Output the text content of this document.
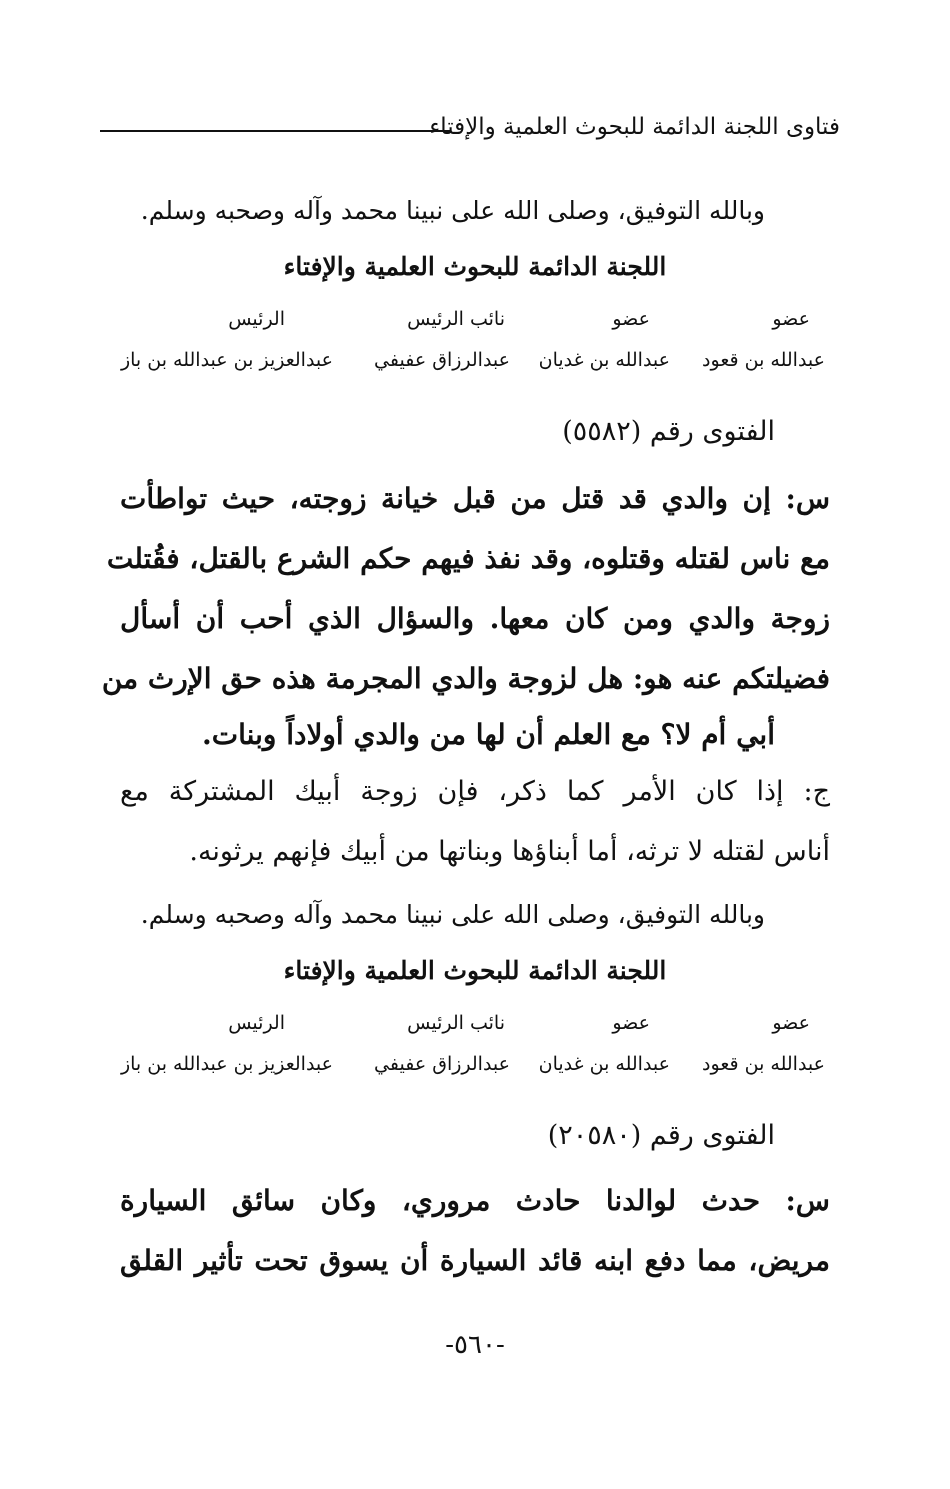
فتاوى اللجنة الدائمة للبحوث العلمية والإفتاء
وبالله التوفيق، وصلى الله على نبينا محمد وآله وصحبه وسلم.
اللجنة الدائمة للبحوث العلمية والإفتاء
عضو
عضو
نائب الرئيس
الرئيس
عبدالله بن قعود
عبدالله بن غديان
عبدالرزاق عفيفي
عبدالعزيز بن عبدالله بن باز
الفتوى رقم (٥٥٨٢)
س: إن والدي قد قتل من قبل خيانة زوجته، حيث تواطأت
مع ناس لقتله وقتلوه، وقد نفذ فيهم حكم الشرع بالقتل، فقُتلت
زوجة والدي ومن كان معها. والسؤال الذي أحب أن أسأل
فضيلتكم عنه هو: هل لزوجة والدي المجرمة هذه حق الإرث من
أبي أم لا؟ مع العلم أن لها من والدي أولاداً وبنات.
ج: إذا كان الأمر كما ذكر، فإن زوجة أبيك المشتركة مع
أناس لقتله لا ترثه، أما أبناؤها وبناتها من أبيك فإنهم يرثونه.
وبالله التوفيق، وصلى الله على نبينا محمد وآله وصحبه وسلم.
اللجنة الدائمة للبحوث العلمية والإفتاء
عضو
عضو
نائب الرئيس
الرئيس
عبدالله بن قعود
عبدالله بن غديان
عبدالرزاق عفيفي
عبدالعزيز بن عبدالله بن باز
الفتوى رقم (٢٠٥٨٠)
س: حدث لوالدنا حادث مروري، وكان سائق السيارة
مريض، مما دفع ابنه قائد السيارة أن يسوق تحت تأثير القلق
-٥٦٠-
